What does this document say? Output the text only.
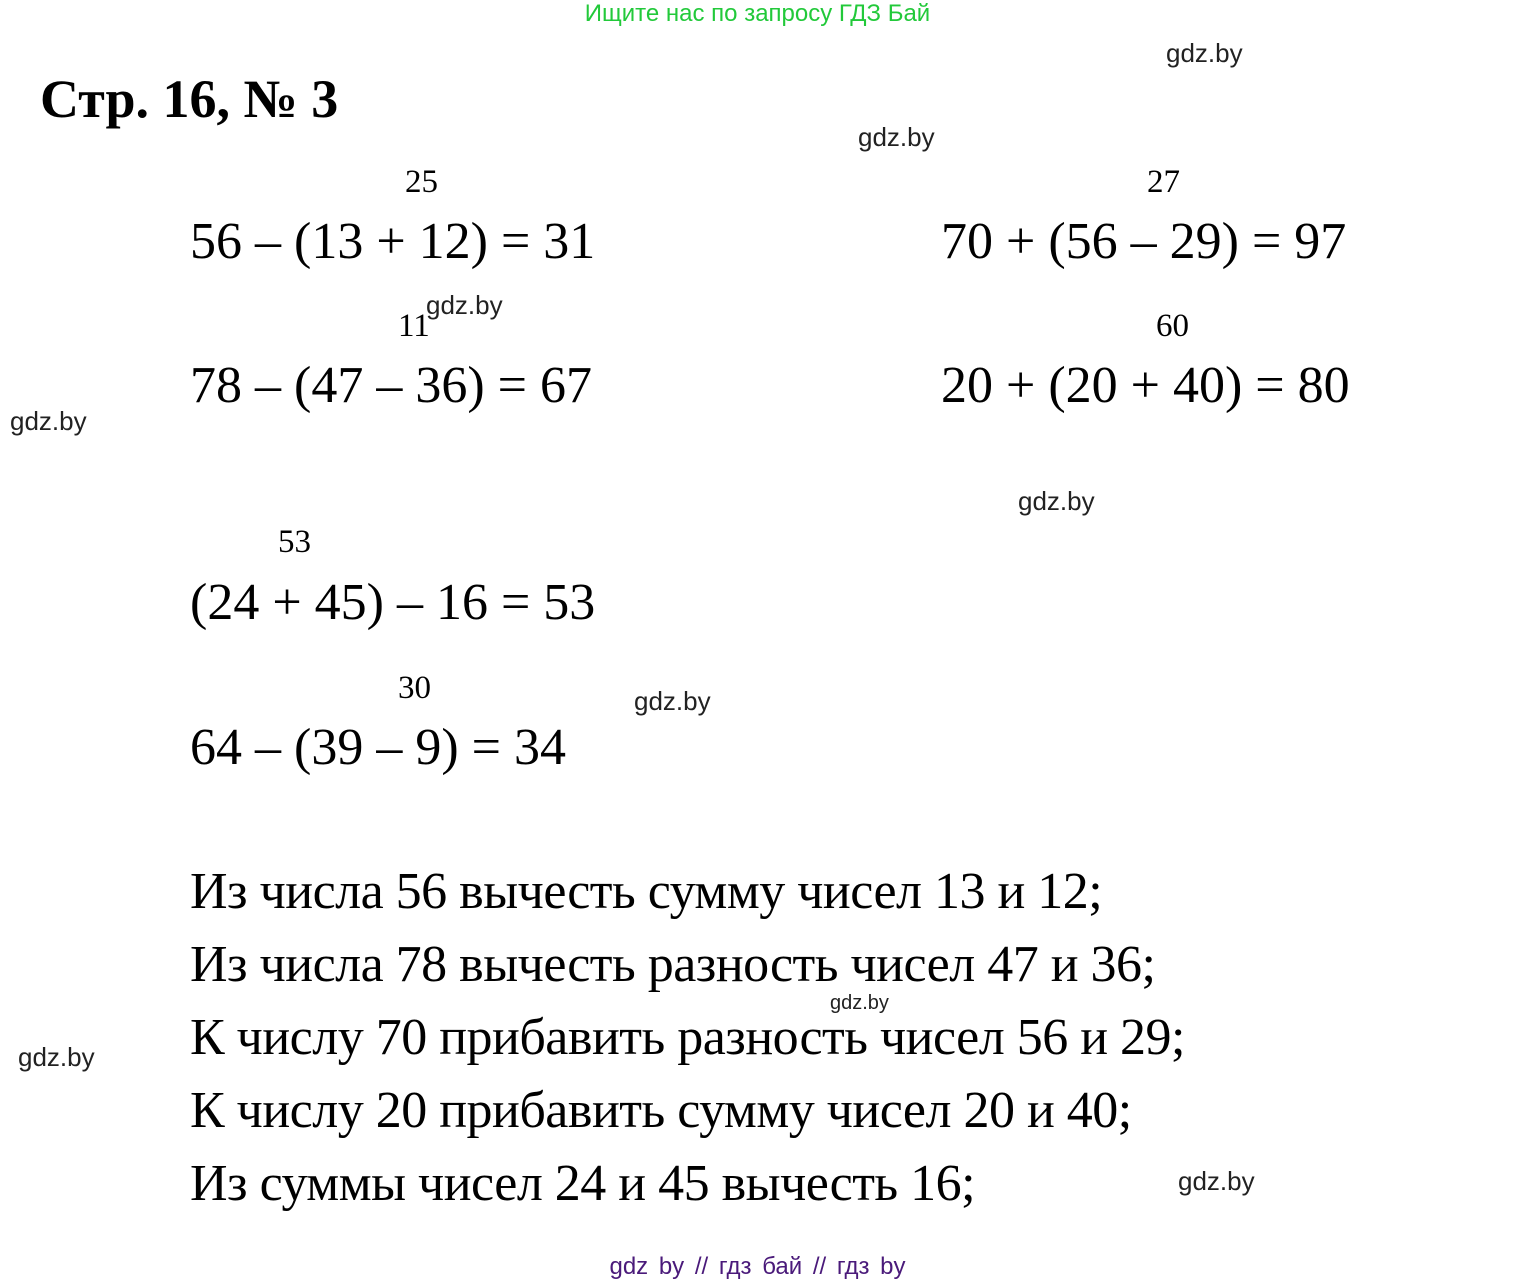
Ищите нас по запросу ГДЗ Бай
Стр. 16, № 3
gdz.by
gdz.by
gdz.by
gdz.by
gdz.by
gdz.by
gdz.by
gdz.by
25
56 – (13 + 12) = 31
11
gdz.by
78 – (47 – 36) = 67
27
70 + (56 – 29) = 97
60
20 + (20 + 40) = 80
53
(24 + 45) – 16 = 53
30
64 – (39 – 9) = 34
Из числа 56 вычесть сумму чисел 13 и 12;
Из числа 78 вычесть разность чисел 47 и 36;
К числу 70 прибавить разность чисел 56 и 29;
К числу 20 прибавить сумму чисел 20 и 40;
Из суммы чисел 24 и 45 вычесть 16;
gdz by // гдз бай // гдз by
